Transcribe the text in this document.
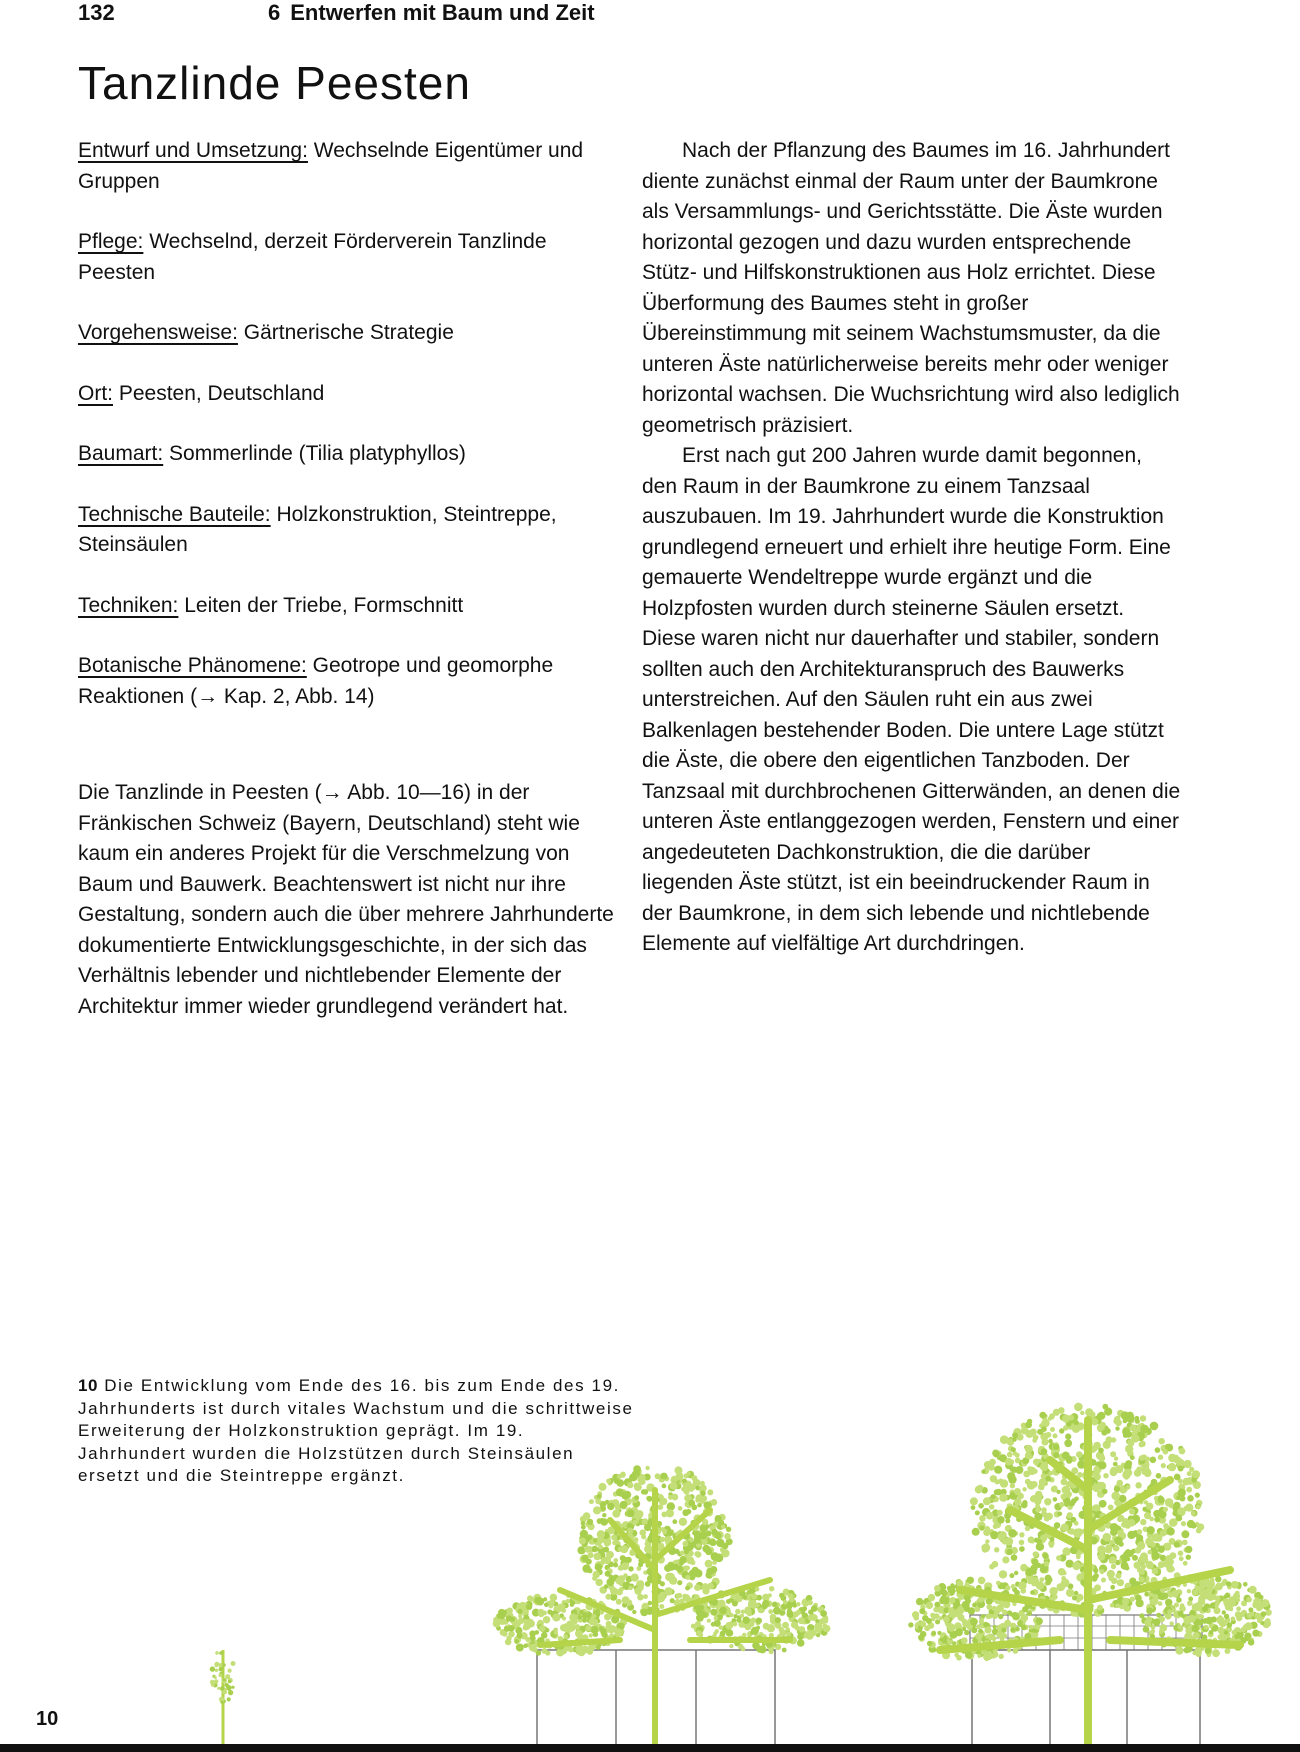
132	6 Entwerfen mit Baum und Zeit
Tanzlinde Peesten

Entwurf und Umsetzung: Wechselnde Eigentümer und Gruppen

Pflege: Wechselnd, derzeit Förderverein Tanzlinde Peesten

Vorgehensweise: Gärtnerische Strategie

Ort: Peesten, Deutschland

Baumart: Sommerlinde (Tilia platyphyllos)

Technische Bauteile: Holzkonstruktion, Steintreppe, Steinsäulen

Techniken: Leiten der Triebe, Formschnitt

Botanische Phänomene: Geotrope und geomorphe Reaktionen (→ Kap. 2, Abb. 14)

Die Tanzlinde in Peesten (→ Abb. 10—16) in der Fränkischen Schweiz (Bayern, Deutschland) steht wie kaum ein anderes Projekt für die Verschmelzung von Baum und Bauwerk. Beachtenswert ist nicht nur ihre Gestaltung, sondern auch die über mehrere Jahrhunderte dokumentierte Entwicklungsgeschichte, in der sich das Verhältnis lebender und nichtlebender Elemente der Architektur immer wieder grundlegend verändert hat.

Nach der Pflanzung des Baumes im 16. Jahrhundert diente zunächst einmal der Raum unter der Baumkrone als Versammlungs- und Gerichtsstätte. Die Äste wurden horizontal gezogen und dazu wurden entsprechende Stütz- und Hilfskonstruktionen aus Holz errichtet. Diese Überformung des Baumes steht in großer Übereinstimmung mit seinem Wachstumsmuster, da die unteren Äste natürlicherweise bereits mehr oder weniger horizontal wachsen. Die Wuchsrichtung wird also lediglich geometrisch präzisiert.

Erst nach gut 200 Jahren wurde damit begonnen, den Raum in der Baumkrone zu einem Tanzsaal auszubauen. Im 19. Jahrhundert wurde die Konstruktion grundlegend erneuert und erhielt ihre heutige Form. Eine gemauerte Wendeltreppe wurde ergänzt und die Holzpfosten wurden durch steinerne Säulen ersetzt. Diese waren nicht nur dauerhafter und stabiler, sondern sollten auch den Architekturanspruch des Bauwerks unterstreichen. Auf den Säulen ruht ein aus zwei Balkenlagen bestehender Boden. Die untere Lage stützt die Äste, die obere den eigentlichen Tanzboden. Der Tanzsaal mit durchbrochenen Gitterwänden, an denen die unteren Äste entlanggezogen werden, Fenstern und einer angedeuteten Dachkonstruktion, die die darüber liegenden Äste stützt, ist ein beeindruckender Raum in der Baumkrone, in dem sich lebende und nichtlebende Elemente auf vielfältige Art durchdringen.

10 Die Entwicklung vom Ende des 16. bis zum Ende des 19. Jahrhunderts ist durch vitales Wachstum und die schrittweise Erweiterung der Holzkonstruktion geprägt. Im 19. Jahrhundert wurden die Holzstützen durch Steinsäulen ersetzt und die Steintreppe ergänzt.
10
